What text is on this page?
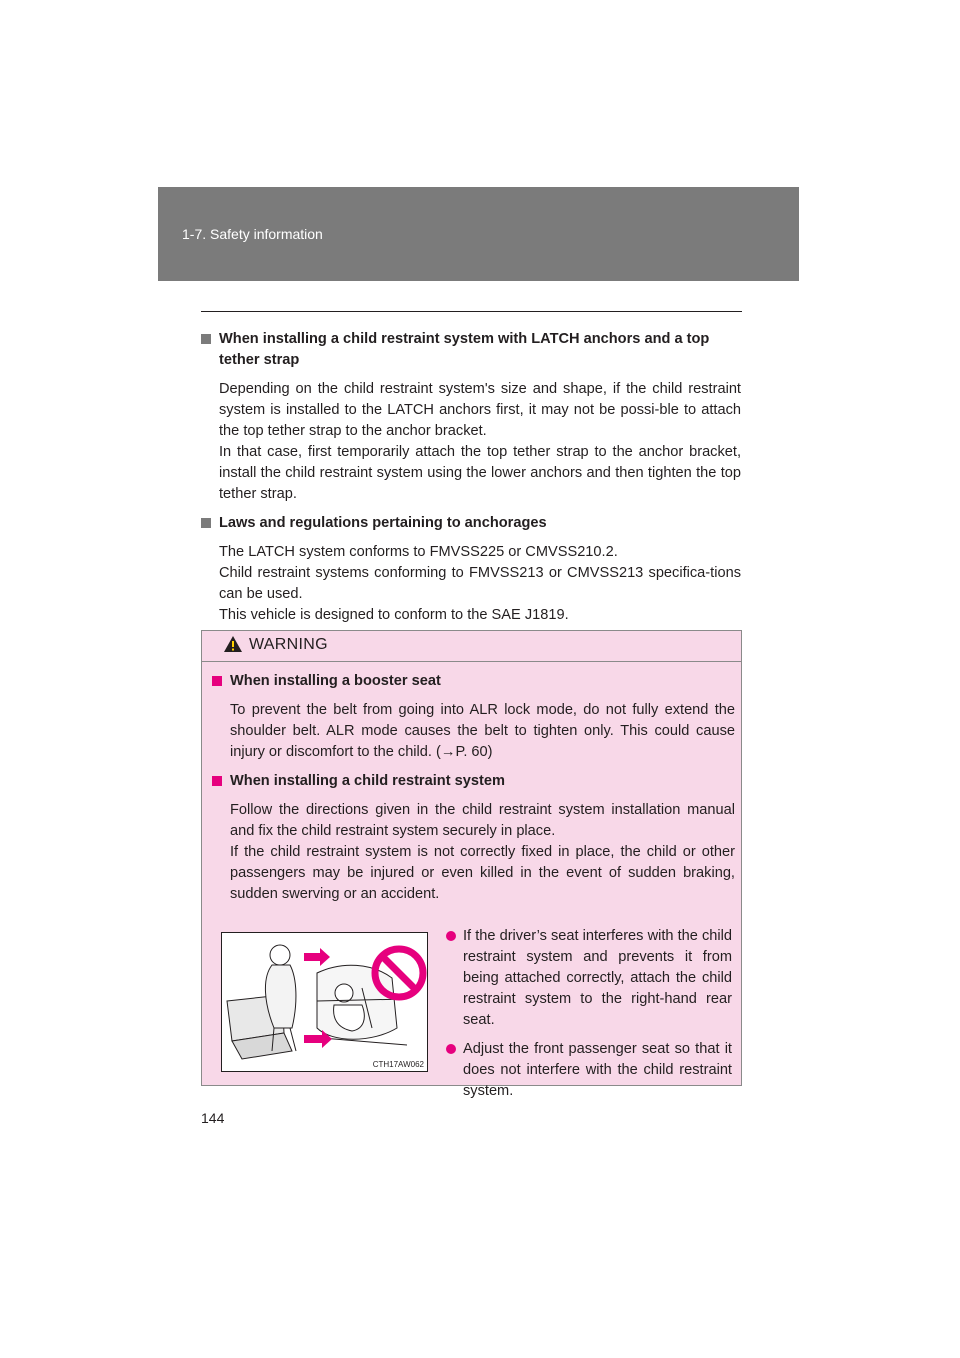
1-7. Safety information

When installing a child restraint system with LATCH anchors and a top tether strap

Depending on the child restraint system's size and shape, if the child restraint system is installed to the LATCH anchors first, it may not be possi-ble to attach the top tether strap to the anchor bracket.

In that case, first temporarily attach the top tether strap to the anchor bracket, install the child restraint system using the lower anchors and then tighten the top tether strap.

Laws and regulations pertaining to anchorages

The LATCH system conforms to FMVSS225 or CMVSS210.2.

Child restraint systems conforming to FMVSS213 or CMVSS213 specifica-tions can be used.

This vehicle is designed to conform to the SAE J1819.

WARNING

When installing a booster seat

To prevent the belt from going into ALR lock mode, do not fully extend the shoulder belt. ALR mode causes the belt to tighten only. This could cause injury or discomfort to the child. (→P. 60)

When installing a child restraint system

Follow the directions given in the child restraint system installation manual and fix the child restraint system securely in place.

If the child restraint system is not correctly fixed in place, the child or other passengers may be injured or even killed in the event of sudden braking, sudden swerving or an accident.

CTH17AW062

If the driver’s seat interferes with the child restraint system and prevents it from being attached correctly, attach the child restraint system to the right-hand rear seat.

Adjust the front passenger seat so that it does not interfere with the child restraint system.

144
